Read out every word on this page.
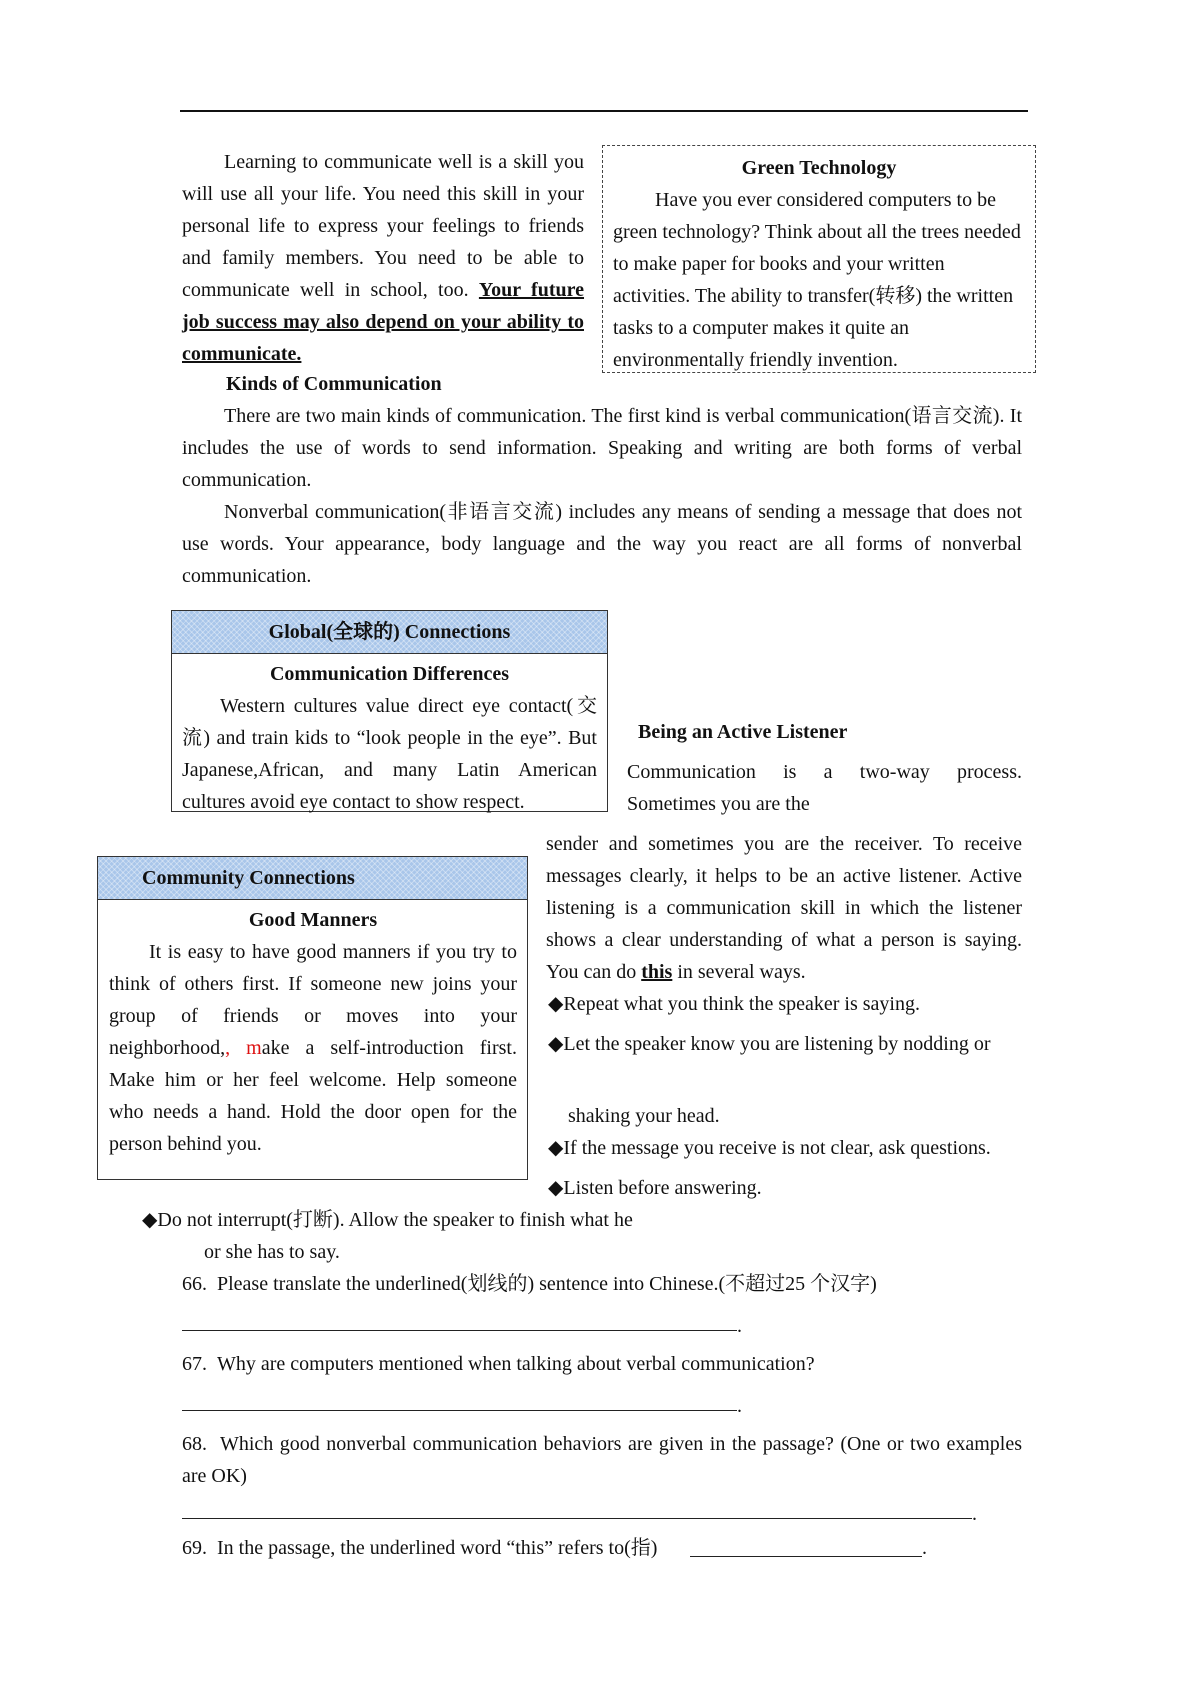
Learning to communicate well is a skill you will use all your life. You need this skill in your personal life to express your feelings to friends and family members. You need to be able to communicate well in school, too. Your future job success may also depend on your ability to communicate.

Green Technology

Have you ever considered computers to be green technology? Think about all the trees needed to make paper for books and your written activities. The ability to transfer(转移) the written tasks to a computer makes it quite an environmentally friendly invention.

Kinds of Communication

There are two main kinds of communication. The first kind is verbal communication(语言交流). It includes the use of words to send information. Speaking and writing are both forms of verbal communication.

Nonverbal communication(非语言交流) includes any means of sending a message that does not use words. Your appearance, body language and the way you react are all forms of nonverbal communication.

Global(全球的) Connections
Communication Differences

Western cultures value direct eye contact(交流) and train kids to “look people in the eye”. But Japanese,African, and many Latin American cultures avoid eye contact to show respect.

Being an Active Listener

Communication is a two-way process. Sometimes you are the

Community Connections
Good Manners

It is easy to have good manners if you try to think of others first. If someone new joins your group of friends or moves into your neighborhood,, make a self-introduction first. Make him or her feel welcome. Help someone who needs a hand. Hold the door open for the person behind you.

sender and sometimes you are the receiver. To receive messages clearly, it helps to be an active listener. Active listening is a communication skill in which the listener shows a clear understanding of what a person is saying. You can do this in several ways.

◆Repeat what you think the speaker is saying.
◆Let the speaker know you are listening by nodding or
shaking your head.
◆If the message you receive is not clear, ask questions.
◆Listen before answering.
◆Do not interrupt(打断). Allow the speaker to finish what he
or she has to say.
66. Please translate the underlined(划线的) sentence into Chinese.(不超过25 个汉字)
.
67. Why are computers mentioned when talking about verbal communication?
.

68. Which good nonverbal communication behaviors are given in the passage? (One or two examples are OK)

.
69. In the passage, the underlined word “this” refers to(指)	.
